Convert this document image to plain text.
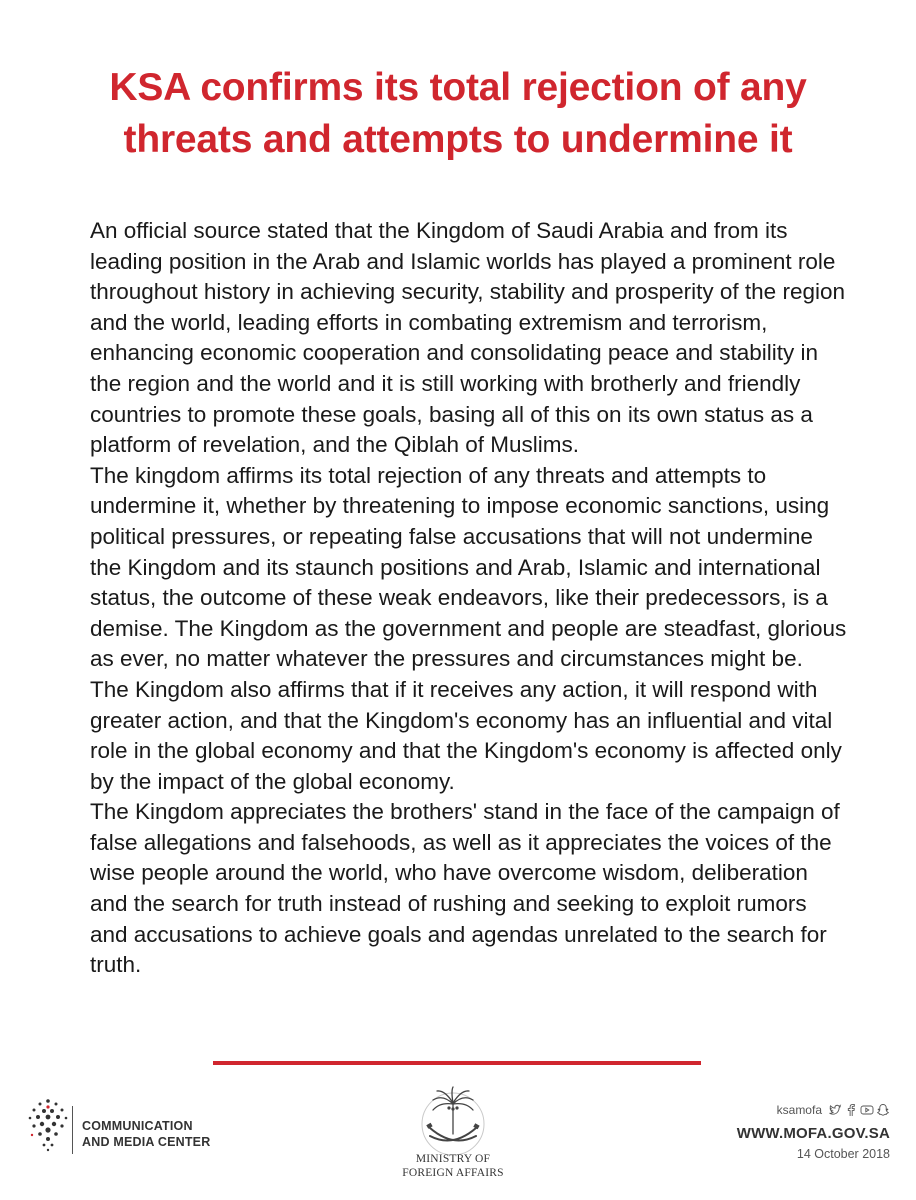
KSA confirms its total rejection of any
threats and attempts to undermine it

An official source stated that the Kingdom of Saudi Arabia and from its leading position in the Arab and Islamic worlds has played a prominent role throughout history in achieving security, stability and prosperity of the region and the world, leading efforts in combating extremism and terrorism, enhancing economic cooperation and consolidating peace and stability in the region and the world and it is still working with brotherly and friendly countries to promote these goals, basing all of this on its own status as a platform of revelation, and the Qiblah of Muslims.

The kingdom affirms its total rejection of any threats and attempts to undermine it, whether by threatening to impose economic sanctions, using political pressures, or repeating false accusations that will not undermine the Kingdom and its staunch positions and Arab, Islamic and international status, the outcome of these weak endeavors, like their predecessors, is a demise. The Kingdom as the government and people are steadfast, glorious as ever, no matter whatever the pressures and circumstances might be.

The Kingdom also affirms that if it receives any action, it will respond with greater action, and that the Kingdom's economy has an influential and vital role in the global economy and that the Kingdom's economy is affected only by the impact of the global economy.

The Kingdom appreciates the brothers' stand in the face of the campaign of false allegations and falsehoods, as well as it appreciates the voices of the wise people around the world, who have overcome wisdom, deliberation and the search for truth instead of rushing and seeking to exploit rumors and accusations to achieve goals and agendas unrelated to the search for truth.

COMMUNICATION
AND MEDIA CENTER
MINISTRY OF
FOREIGN AFFAIRS
ksamofa
WWW.MOFA.GOV.SA
14 October 2018
